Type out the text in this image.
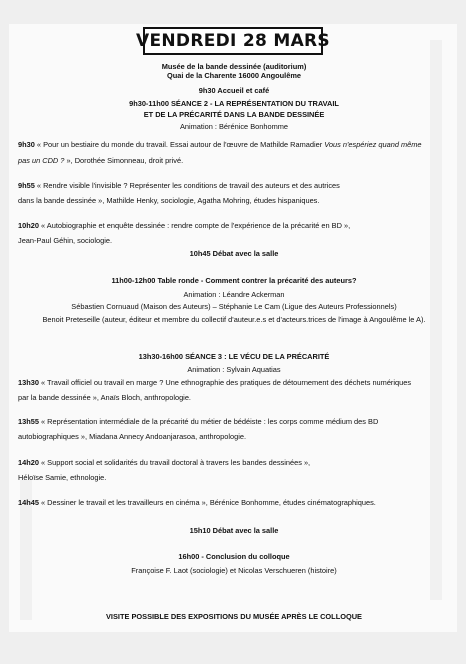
VENDREDI 28 MARS
Musée de la bande dessinée (auditorium)
Quai de la Charente 16000 Angoulême
9h30 Accueil et café
9h30-11h00 SÉANCE 2 - LA REPRÉSENTATION DU TRAVAIL
ET DE LA PRÉCARITÉ DANS LA BANDE DESSINÉE
Animation : Bérénice Bonhomme
9h30 « Pour un bestiaire du monde du travail. Essai autour de l'œuvre de Mathilde Ramadier Vous n'espériez quand même
pas un CDD ? », Dorothée Simonneau, droit privé.
9h55 « Rendre visible l'invisible ? Représenter les conditions de travail des auteurs et des autrices
dans la bande dessinée », Mathilde Henky, sociologie, Agatha Mohring, études hispaniques.
10h20 « Autobiographie et enquête dessinée : rendre compte de l'expérience de la précarité en BD »,
Jean-Paul Géhin, sociologie.
10h45 Débat avec la salle
11h00-12h00 Table ronde - Comment contrer la précarité des auteurs?
Animation : Léandre Ackerman
Sébastien Cornuaud (Maison des Auteurs) – Stéphanie Le Cam (Ligue des Auteurs Professionnels)
Benoit Preteseille (auteur, éditeur et membre du collectif d'auteur.e.s et d'acteurs.trices de l'image à Angoulême le A).
13h30-16h00 SÉANCE 3 : LE VÉCU DE LA PRÉCARITÉ
Animation : Sylvain Aquatias
13h30 « Travail officiel ou travail en marge ? Une ethnographie des pratiques de détournement des déchets numériques
par la bande dessinée », Anaïs Bloch, anthropologie.
13h55 « Représentation intermédiale de la précarité du métier de bédéiste : les corps comme médium des BD
autobiographiques », Miadana Annecy Andoanjarasoa, anthropologie.
14h20 « Support social et solidarités du travail doctoral à travers les bandes dessinées »,
Héloïse Samie, ethnologie.
14h45 « Dessiner le travail et les travailleurs en cinéma », Bérénice Bonhomme, études cinématographiques.
15h10 Débat avec la salle
16h00 - Conclusion du colloque
Françoise F. Laot (sociologie) et Nicolas Verschueren (histoire)
VISITE POSSIBLE DES EXPOSITIONS DU MUSÉE APRÈS LE COLLOQUE
